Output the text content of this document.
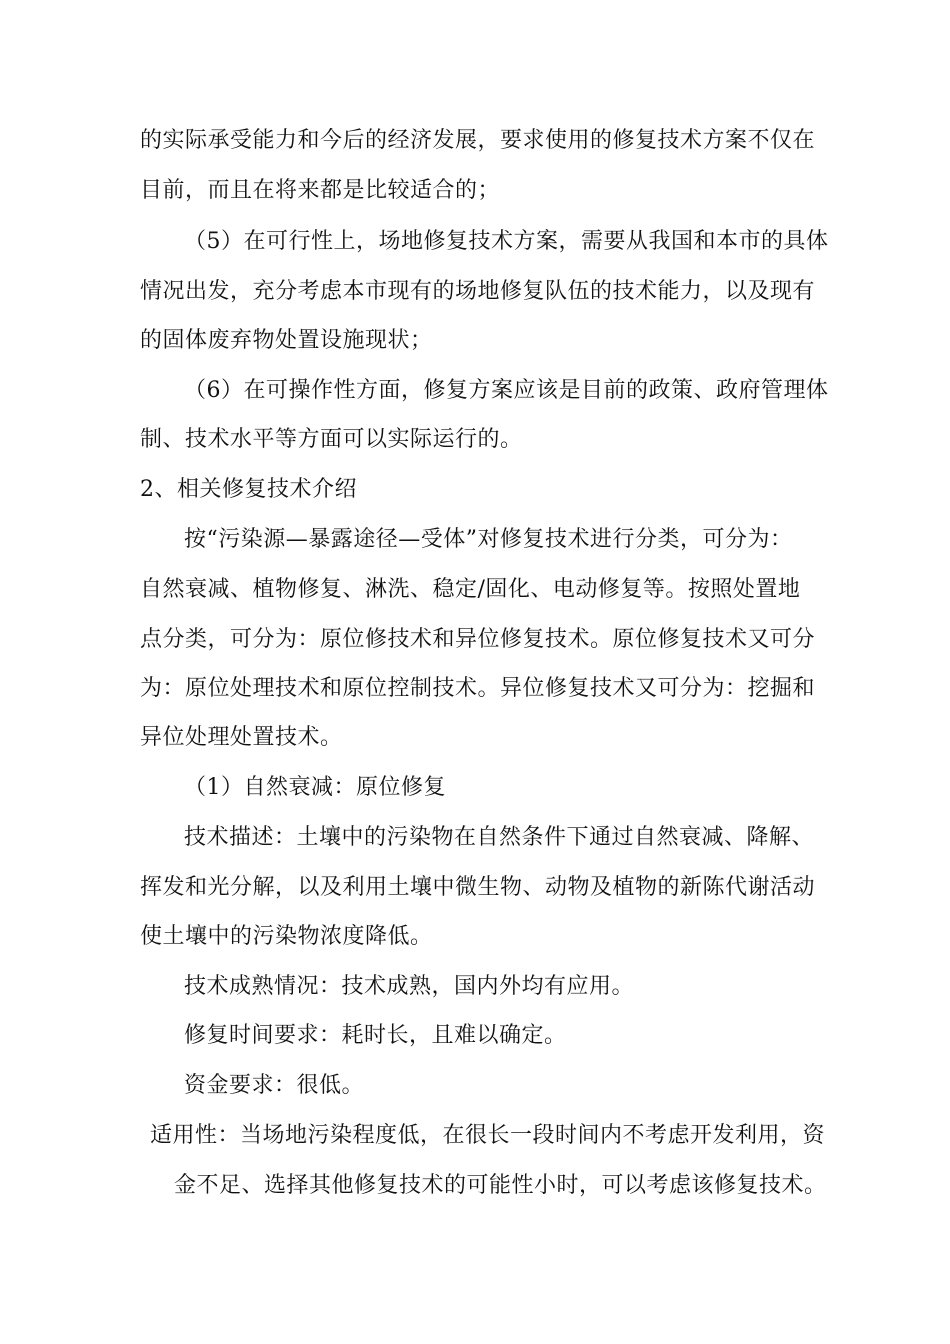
的实际承受能力和今后的经济发展，要求使用的修复技术方案不仅在
目前，而且在将来都是比较适合的；
（5）在可行性上，场地修复技术方案，需要从我国和本市的具体
情况出发，充分考虑本市现有的场地修复队伍的技术能力，以及现有
的固体废弃物处置设施现状；
（6）在可操作性方面，修复方案应该是目前的政策、政府管理体
制、技术水平等方面可以实际运行的。
2、相关修复技术介绍
按“污染源—暴露途径—受体”对修复技术进行分类，可分为：
自然衰减、植物修复、淋洗、稳定/固化、电动修复等。按照处置地
点分类，可分为：原位修技术和异位修复技术。原位修复技术又可分
为：原位处理技术和原位控制技术。异位修复技术又可分为：挖掘和
异位处理处置技术。
（1）自然衰减：原位修复
技术描述：土壤中的污染物在自然条件下通过自然衰减、降解、
挥发和光分解，以及利用土壤中微生物、动物及植物的新陈代谢活动
使土壤中的污染物浓度降低。
技术成熟情况：技术成熟，国内外均有应用。
修复时间要求：耗时长，且难以确定。
资金要求：很低。
适用性：当场地污染程度低，在很长一段时间内不考虑开发利用，资
金不足、选择其他修复技术的可能性小时，可以考虑该修复技术。
